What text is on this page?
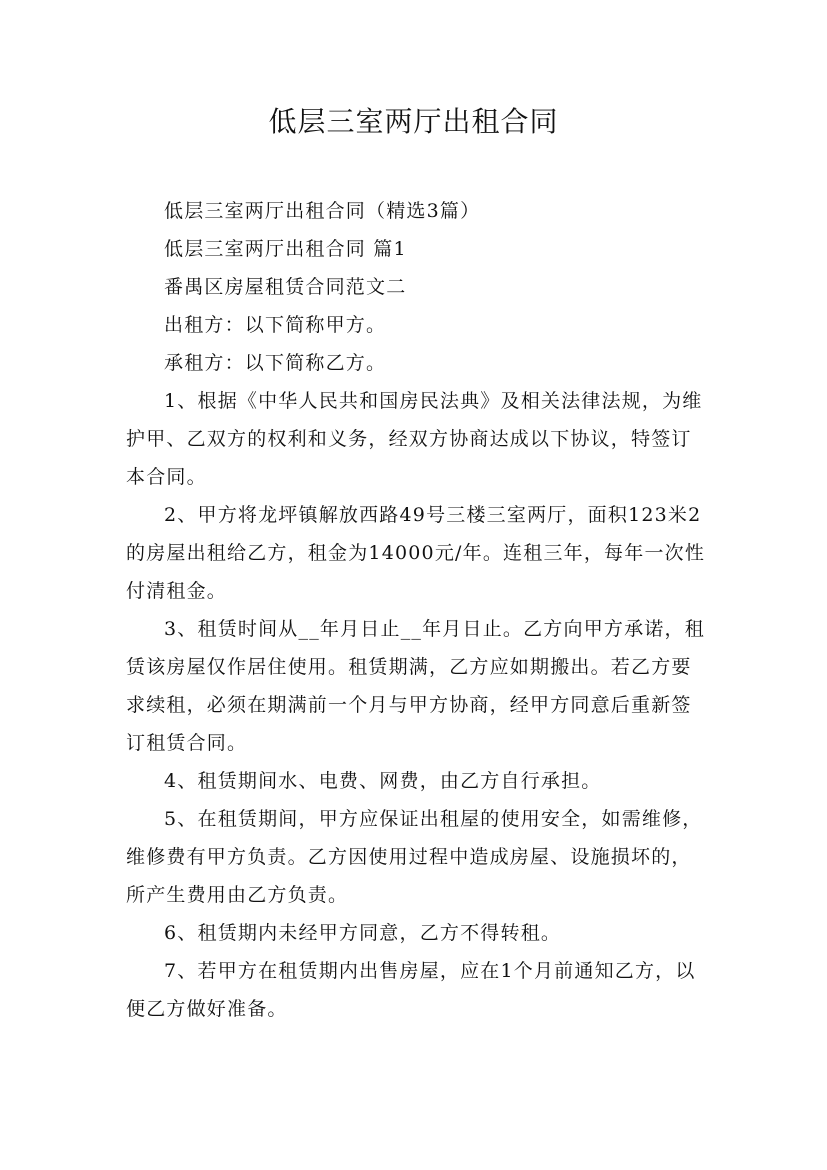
低层三室两厅出租合同

低层三室两厅出租合同（精选3篇）

低层三室两厅出租合同 篇1

番禺区房屋租赁合同范文二

出租方：以下简称甲方。

承租方：以下简称乙方。

1、根据《中华人民共和国房民法典》及相关法律法规，为维护甲、乙双方的权利和义务，经双方协商达成以下协议，特签订本合同。

2、甲方将龙坪镇解放西路49号三楼三室两厅，面积123米2的房屋出租给乙方，租金为14000元/年。连租三年，每年一次性付清租金。

3、租赁时间从__年月日止__年月日止。乙方向甲方承诺，租赁该房屋仅作居住使用。租赁期满，乙方应如期搬出。若乙方要求续租，必须在期满前一个月与甲方协商，经甲方同意后重新签订租赁合同。

4、租赁期间水、电费、网费，由乙方自行承担。

5、在租赁期间，甲方应保证出租屋的使用安全，如需维修，维修费有甲方负责。乙方因使用过程中造成房屋、设施损坏的，所产生费用由乙方负责。

6、租赁期内未经甲方同意，乙方不得转租。

7、若甲方在租赁期内出售房屋，应在1个月前通知乙方，以便乙方做好准备。
